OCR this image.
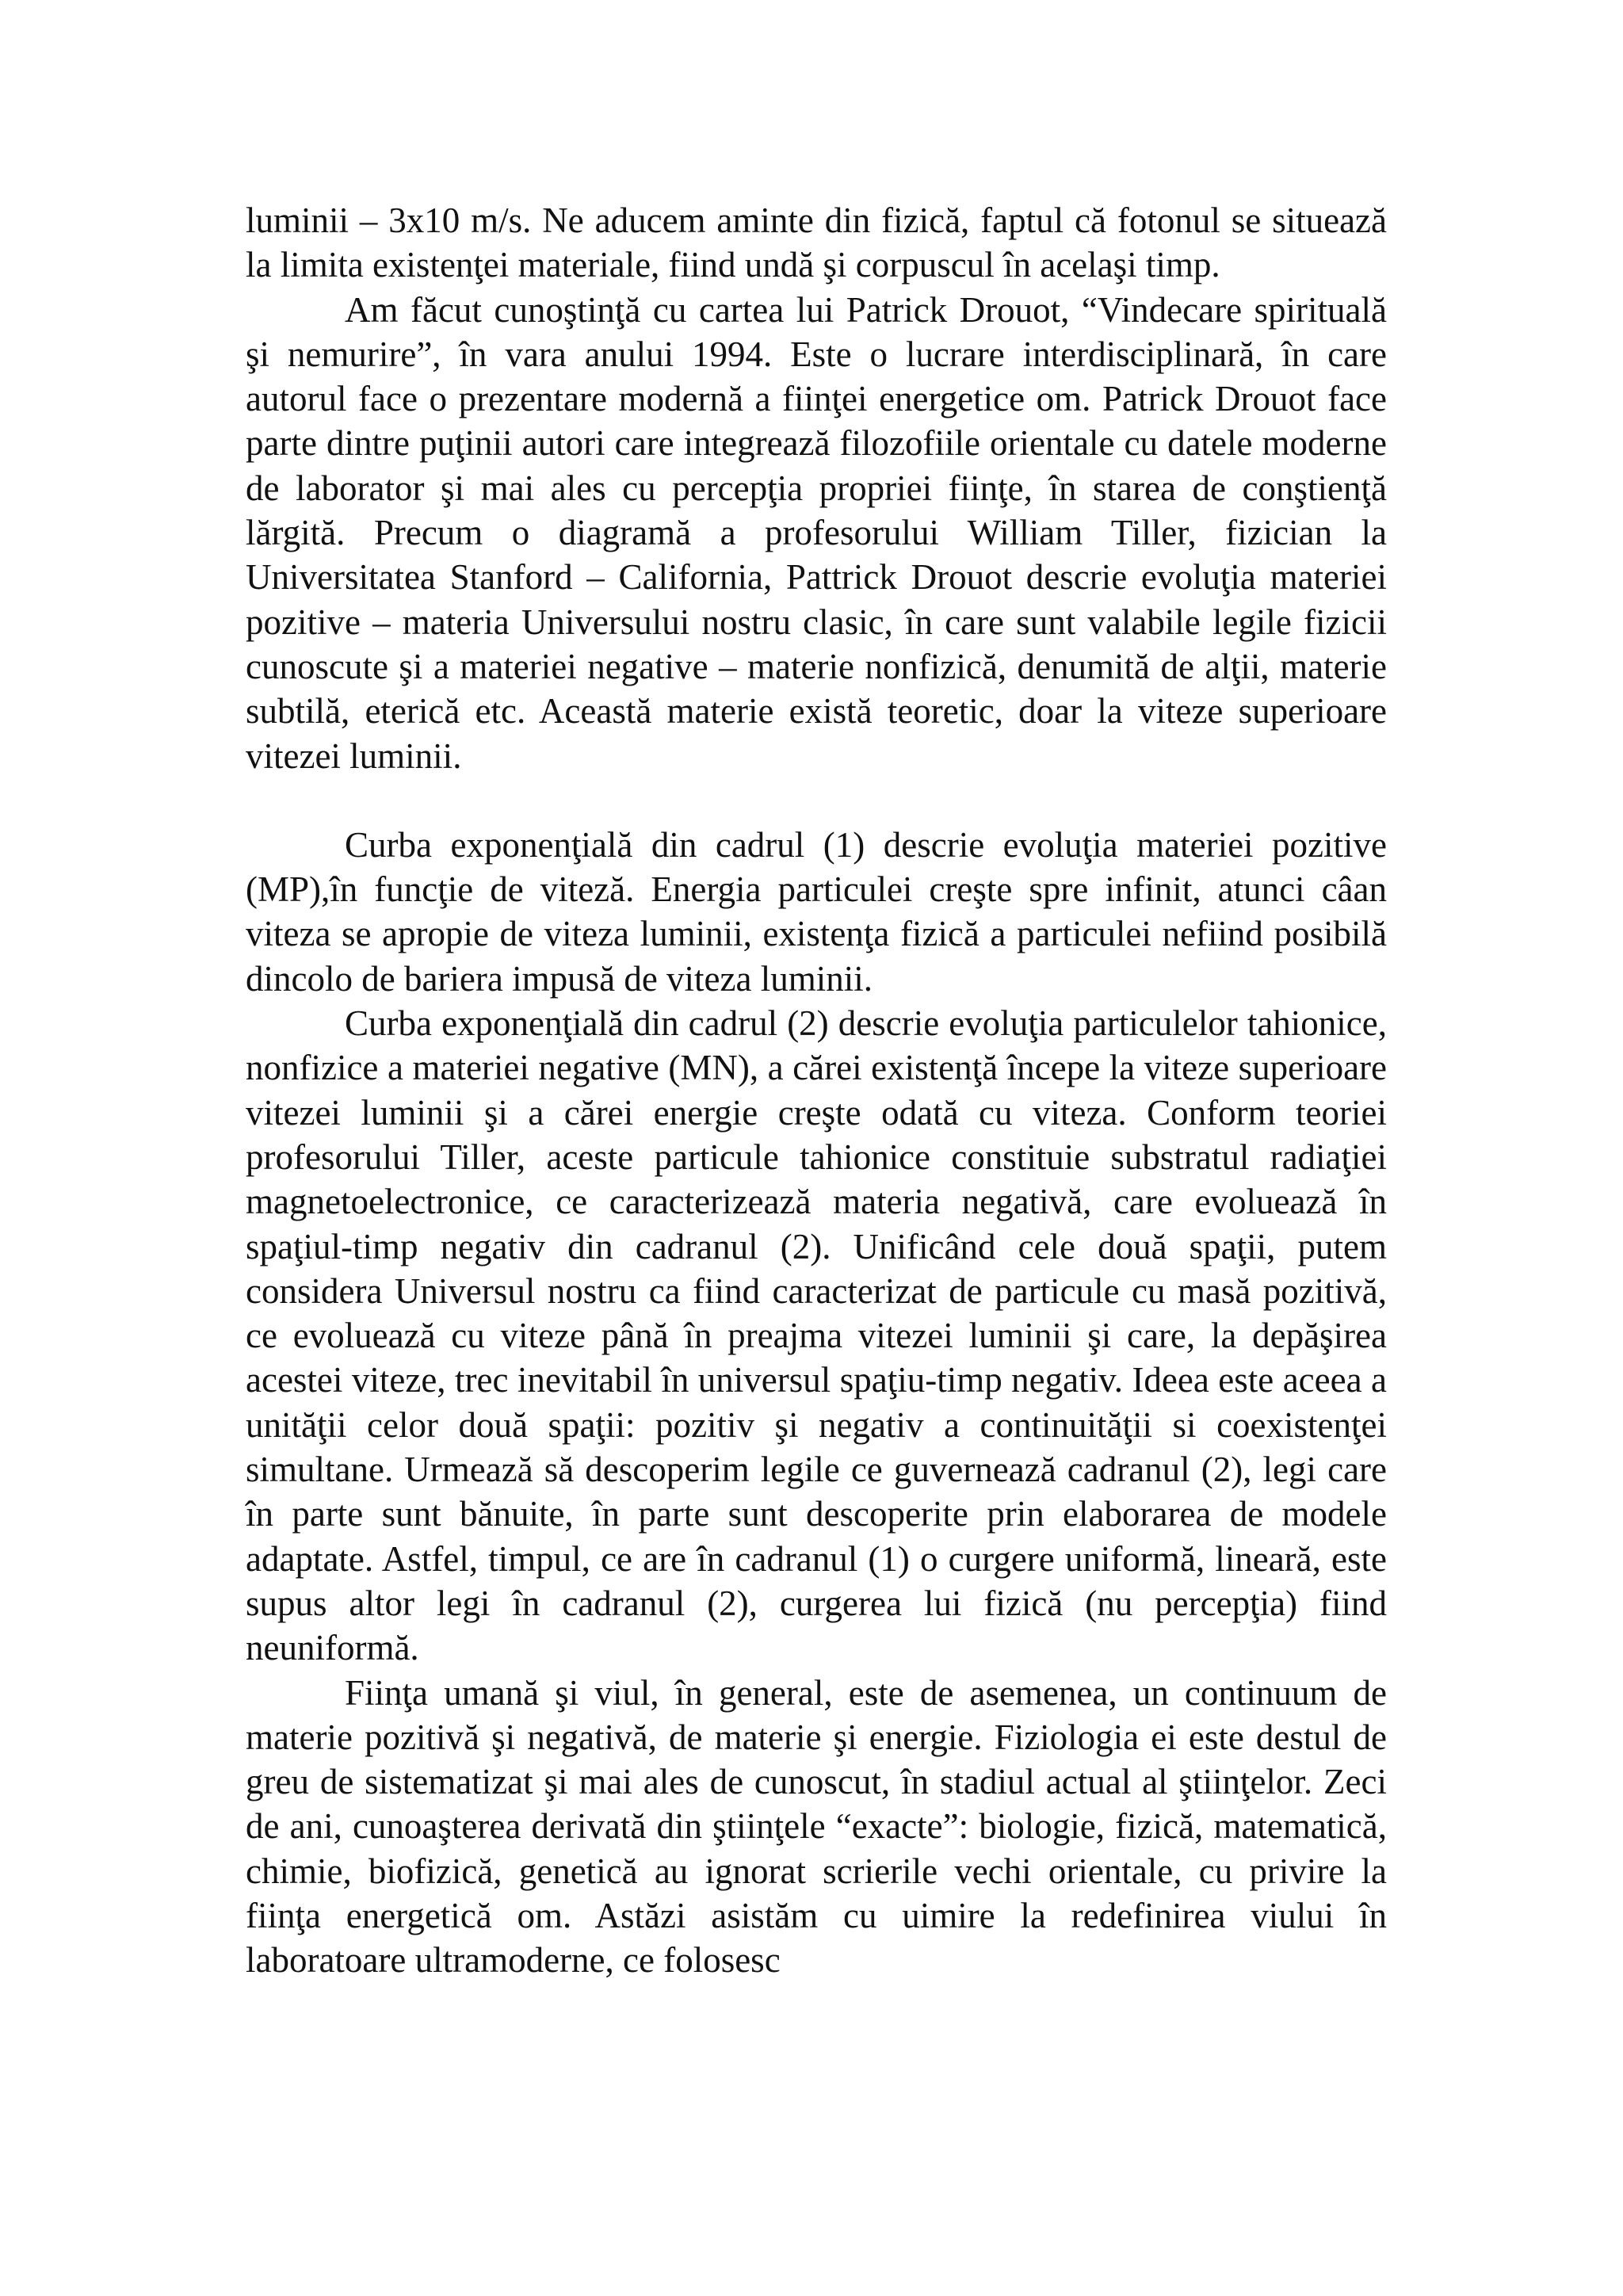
luminii – 3x10 m/s. Ne aducem aminte din fizică, faptul că fotonul se situează la limita existenţei materiale, fiind undă şi corpuscul în acelaşi timp.

Am făcut cunoştinţă cu cartea lui Patrick Drouot, “Vindecare spirituală şi nemurire”, în vara anului 1994. Este o lucrare interdisciplinară, în care autorul face o prezentare modernă a fiinţei energetice om. Patrick Drouot face parte dintre puţinii autori care integrează filozofiile orientale cu datele moderne de laborator şi mai ales cu percepţia propriei fiinţe, în starea de conştienţă lărgită. Precum o diagramă a profesorului William Tiller, fizician la Universitatea Stanford – California, Pattrick Drouot descrie evoluţia materiei pozitive – materia Universului nostru clasic, în care sunt valabile legile fizicii cunoscute şi a materiei negative – materie nonfizică, denumită de alţii, materie subtilă, eterică etc. Această materie există teoretic, doar la viteze superioare vitezei luminii.

Curba exponenţială din cadrul (1) descrie evoluţia materiei pozitive (MP),în funcţie de viteză. Energia particulei creşte spre infinit, atunci câan viteza se apropie de viteza luminii, existenţa fizică a particulei nefiind posibilă dincolo de bariera impusă de viteza luminii.

Curba exponenţială din cadrul (2) descrie evoluţia particulelor tahionice, nonfizice a materiei negative (MN), a cărei existenţă începe la viteze superioare vitezei luminii şi a cărei energie creşte odată cu viteza. Conform teoriei profesorului Tiller, aceste particule tahionice constituie substratul radiaţiei magnetoelectronice, ce caracterizează materia negativă, care evoluează în spaţiul-timp negativ din cadranul (2). Unificând cele două spaţii, putem considera Universul nostru ca fiind caracterizat de particule cu masă pozitivă, ce evoluează cu viteze până în preajma vitezei luminii şi care, la depăşirea acestei viteze, trec inevitabil în universul spaţiu-timp negativ. Ideea este aceea a unităţii celor două spaţii: pozitiv şi negativ a continuităţii si coexistenţei simultane. Urmează să descoperim legile ce guvernează cadranul (2), legi care în parte sunt bănuite, în parte sunt descoperite prin elaborarea de modele adaptate. Astfel, timpul, ce are în cadranul (1) o curgere uniformă, lineară, este supus altor legi în cadranul (2), curgerea lui fizică (nu percepţia) fiind neuniformă.

Fiinţa umană şi viul, în general, este de asemenea, un continuum de materie pozitivă şi negativă, de materie şi energie. Fiziologia ei este destul de greu de sistematizat şi mai ales de cunoscut, în stadiul actual al ştiinţelor. Zeci de ani, cunoaşterea derivată din ştiinţele “exacte”: biologie, fizică, matematică, chimie, biofizică, genetică au ignorat scrierile vechi orientale, cu privire la fiinţa energetică om. Astăzi asistăm cu uimire la redefinirea viului în laboratoare ultramoderne, ce folosesc
